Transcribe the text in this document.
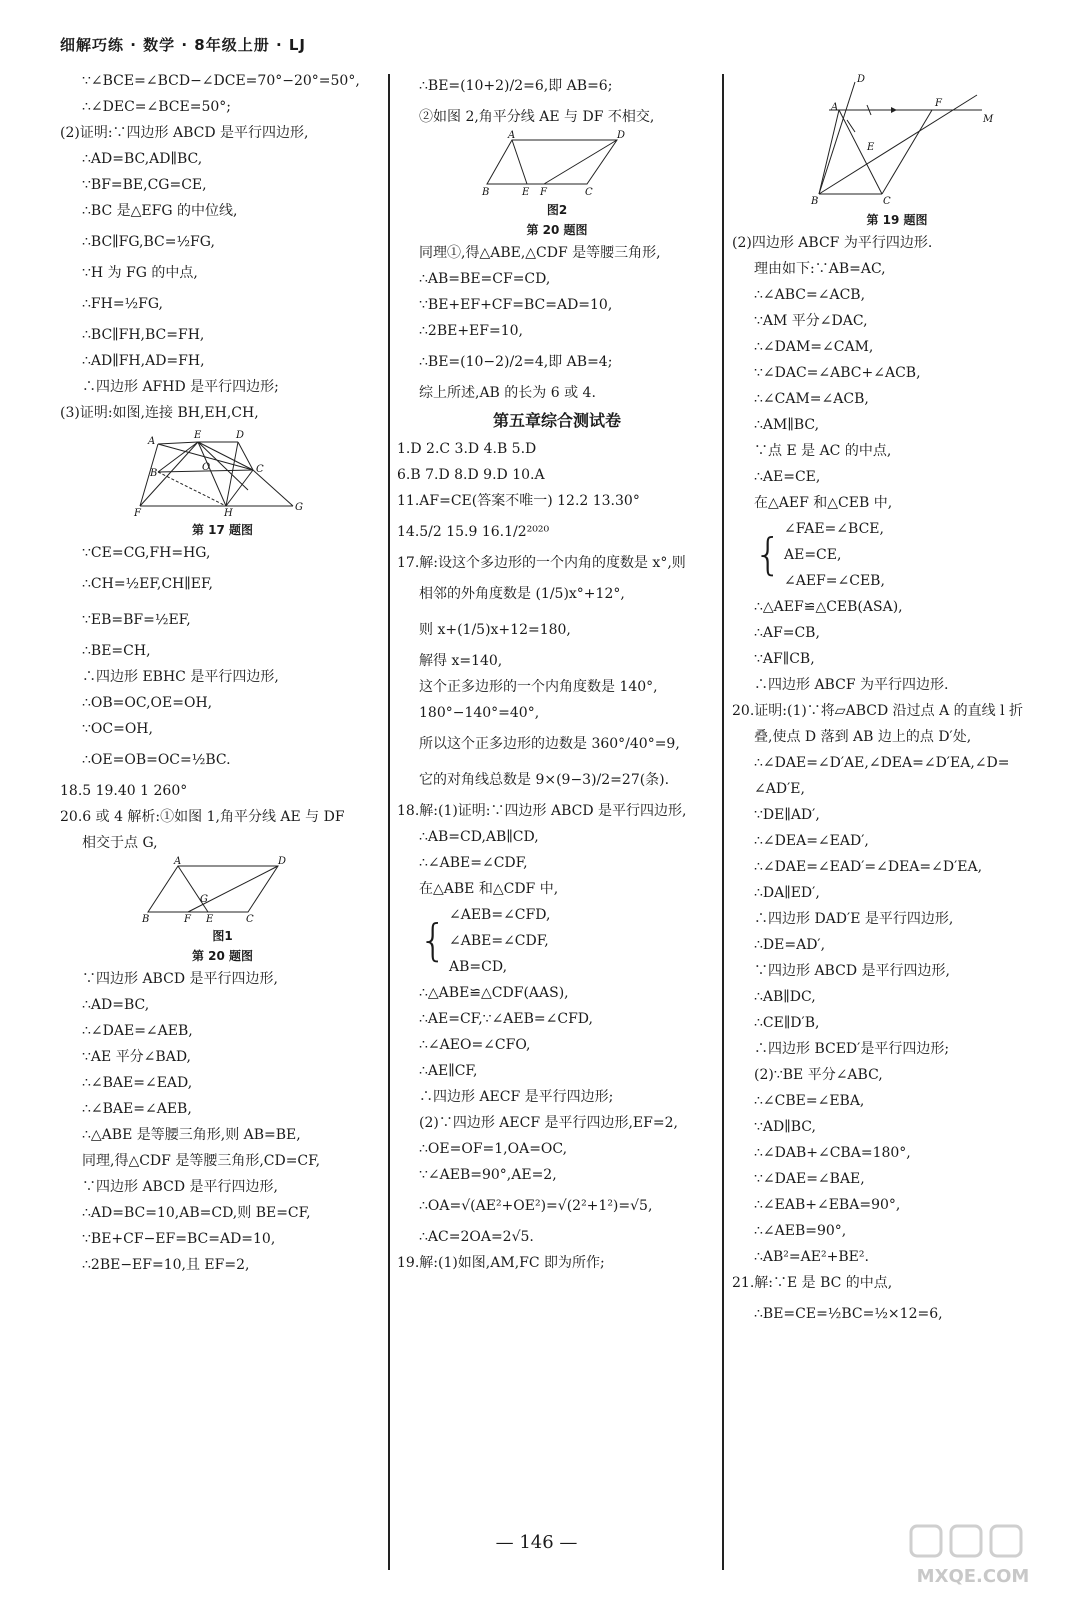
细解巧练 · 数学 · 8年级上册 · LJ
∵∠BCE=∠BCD−∠DCE=70°−20°=50°,
∴∠DEC=∠BCE=50°;
(2)证明:∵四边形 ABCD 是平行四边形,
∴AD=BC,AD∥BC,
∵BF=BE,CG=CE,
∴BC 是△EFG 的中位线,
∴BC∥FG,BC=½FG,
∵H 为 FG 的中点,
∴FH=½FG,
∴BC∥FH,BC=FH,
∴AD∥FH,AD=FH,
∴四边形 AFHD 是平行四边形;
(3)证明:如图,连接 BH,EH,CH,
A
E	D
B	C
O
F	H
G
第 17 题图
∵CE=CG,FH=HG,
∴CH=½EF,CH∥EF,
∵EB=BF=½EF,
∴BE=CH,
∴四边形 EBHC 是平行四边形,
∴OB=OC,OE=OH,
∵OC=OH,
∴OE=OB=OC=½BC.
18.5 19.40 1 260°
20.6 或 4 解析:①如图 1,角平分线 AE 与 DF
相交于点 G,
A	D
B	F E	C
G
图1
第 20 题图
∵四边形 ABCD 是平行四边形,
∴AD=BC,
∴∠DAE=∠AEB,
∵AE 平分∠BAD,
∴∠BAE=∠EAD,
∴∠BAE=∠AEB,
∴△ABE 是等腰三角形,则 AB=BE,
同理,得△CDF 是等腰三角形,CD=CF,
∵四边形 ABCD 是平行四边形,
∴AD=BC=10,AB=CD,则 BE=CF,
∵BE+CF−EF=BC=AD=10,
∴2BE−EF=10,且 EF=2,
∴BE=(10+2)/2=6,即 AB=6;
②如图 2,角平分线 AE 与 DF 不相交,
A	D
B	E F	C
图2
第 20 题图
同理①,得△ABE,△CDF 是等腰三角形,
∴AB=BE=CF=CD,
∵BE+EF+CF=BC=AD=10,
∴2BE+EF=10,
∴BE=(10−2)/2=4,即 AB=4;
综上所述,AB 的长为 6 或 4.
第五章综合测试卷
1.D 2.C 3.D 4.B 5.D
6.B 7.D 8.D 9.D 10.A
11.AF=CE(答案不唯一) 12.2 13.30°
14.5/2 15.9 16.1/2²⁰²⁰
17.解:设这个多边形的一个内角的度数是 x°,则
相邻的外角度数是 (1/5)x°+12°,
则 x+(1/5)x+12=180,
解得 x=140,
这个正多边形的一个内角度数是 140°,
180°−140°=40°,
所以这个正多边形的边数是 360°/40°=9,
它的对角线总数是 9×(9−3)/2=27(条).
18.解:(1)证明:∵四边形 ABCD 是平行四边形,
∴AB=CD,AB∥CD,
∴∠ABE=∠CDF,
在△ABE 和△CDF 中,
{ ∠AEB=∠CFD,
∠ABE=∠CDF,
AB=CD,
∴△ABE≌△CDF(AAS),
∴AE=CF,∵∠AEB=∠CFD,
∴∠AEO=∠CFO,
∴AE∥CF,
∴四边形 AECF 是平行四边形;
(2)∵四边形 AECF 是平行四边形,EF=2,
∴OE=OF=1,OA=OC,
∵∠AEB=90°,AE=2,
∴OA=√(AE²+OE²)=√(2²+1²)=√5,
∴AC=2OA=2√5.
19.解:(1)如图,AM,FC 即为所作;
D
A	F
M
E
B	C
第 19 题图
(2)四边形 ABCF 为平行四边形.
理由如下:∵AB=AC,
∴∠ABC=∠ACB,
∵AM 平分∠DAC,
∴∠DAM=∠CAM,
∵∠DAC=∠ABC+∠ACB,
∴∠CAM=∠ACB,
∴AM∥BC,
∵点 E 是 AC 的中点,
∴AE=CE,
在△AEF 和△CEB 中,
{ ∠FAE=∠BCE,
AE=CE,
∠AEF=∠CEB,
∴△AEF≌△CEB(ASA),
∴AF=CB,
∵AF∥CB,
∴四边形 ABCF 为平行四边形.
20.证明:(1)∵将▱ABCD 沿过点 A 的直线 l 折
叠,使点 D 落到 AB 边上的点 D′处,
∴∠DAE=∠D′AE,∠DEA=∠D′EA,∠D=
∠AD′E,
∵DE∥AD′,
∴∠DEA=∠EAD′,
∴∠DAE=∠EAD′=∠DEA=∠D′EA,
∴DA∥ED′,
∴四边形 DAD′E 是平行四边形,
∴DE=AD′,
∵四边形 ABCD 是平行四边形,
∴AB∥DC,
∴CE∥D′B,
∴四边形 BCED′是平行四边形;
(2)∵BE 平分∠ABC,
∴∠CBE=∠EBA,
∵AD∥BC,
∴∠DAB+∠CBA=180°,
∵∠DAE=∠BAE,
∴∠EAB+∠EBA=90°,
∴∠AEB=90°,
∴AB²=AE²+BE².
21.解:∵E 是 BC 的中点,
∴BE=CE=½BC=½×12=6,
— 146 —
MXQE.COM
